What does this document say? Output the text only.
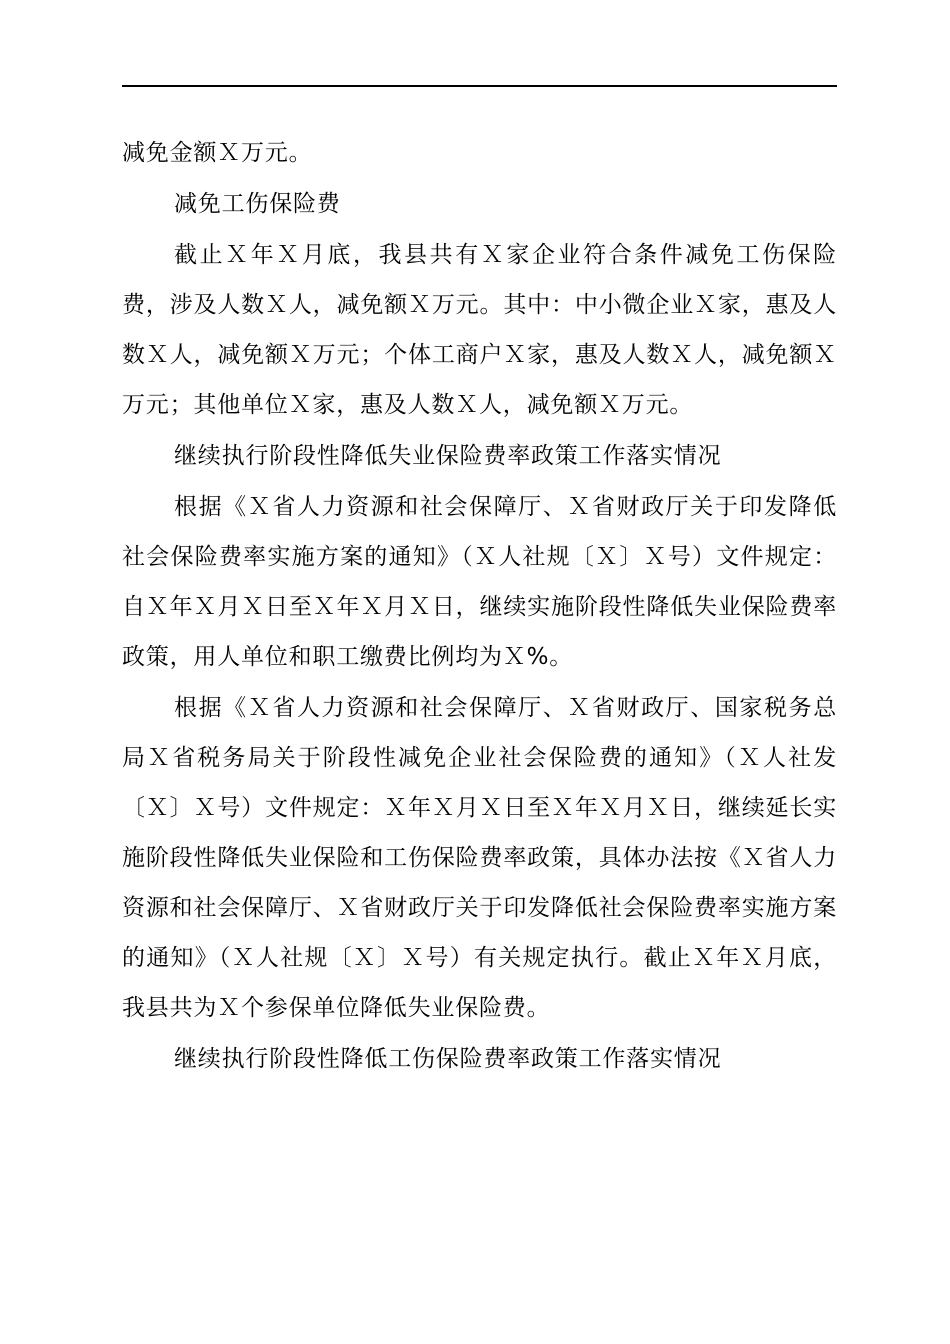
减免金额Ｘ万元。

减免工伤保险费

截止Ｘ年Ｘ月底，我县共有Ｘ家企业符合条件减免工伤保险费，涉及人数Ｘ人，减免额Ｘ万元。其中：中小微企业Ｘ家，惠及人数Ｘ人，减免额Ｘ万元；个体工商户Ｘ家，惠及人数Ｘ人，减免额Ｘ万元；其他单位Ｘ家，惠及人数Ｘ人，减免额Ｘ万元。

继续执行阶段性降低失业保险费率政策工作落实情况

根据《Ｘ省人力资源和社会保障厅、Ｘ省财政厅关于印发降低社会保险费率实施方案的通知》（Ｘ人社规〔Ｘ〕Ｘ号）文件规定：自Ｘ年Ｘ月Ｘ日至Ｘ年Ｘ月Ｘ日，继续实施阶段性降低失业保险费率政策，用人单位和职工缴费比例均为Ｘ%。

根据《Ｘ省人力资源和社会保障厅、Ｘ省财政厅、国家税务总局Ｘ省税务局关于阶段性减免企业社会保险费的通知》（Ｘ人社发〔Ｘ〕Ｘ号）文件规定：Ｘ年Ｘ月Ｘ日至Ｘ年Ｘ月Ｘ日，继续延长实施阶段性降低失业保险和工伤保险费率政策，具体办法按《Ｘ省人力资源和社会保障厅、Ｘ省财政厅关于印发降低社会保险费率实施方案的通知》（Ｘ人社规〔Ｘ〕Ｘ号）有关规定执行。截止Ｘ年Ｘ月底，我县共为Ｘ个参保单位降低失业保险费。

继续执行阶段性降低工伤保险费率政策工作落实情况
